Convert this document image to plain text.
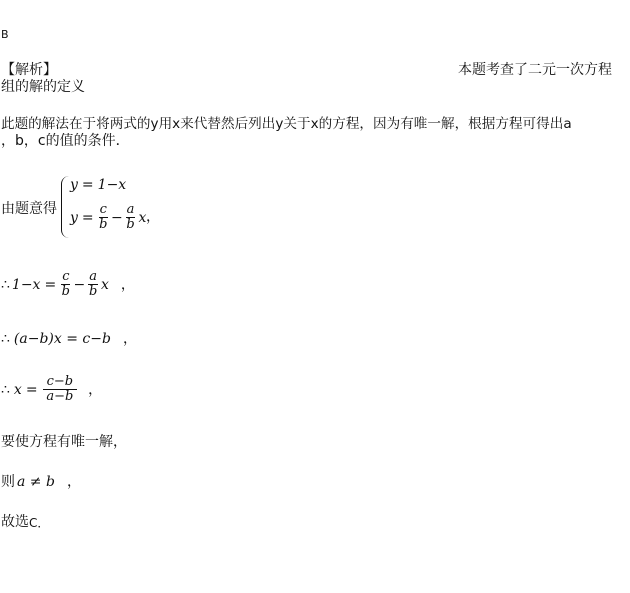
B
【解析】	本题考查了二元一次方程
组的解的定义
此题的解法在于将两式的y用x来代替然后列出y关于x的方程，因为有唯一解，根据方程可得出a
，b，c的值的条件．
由题意得
y = 1−x
$y = \frac{c}{b} - \frac{a}{b}$ x ，
∴ $1-x = \frac{c}{b} - \frac{a}{b}$ x ，
∴ (a−b)x = c−b ，
∴ $x = \frac{c-b}{a-b}$ ，
要使方程有唯一解，
则 a ≠ b ，
故选 C．
